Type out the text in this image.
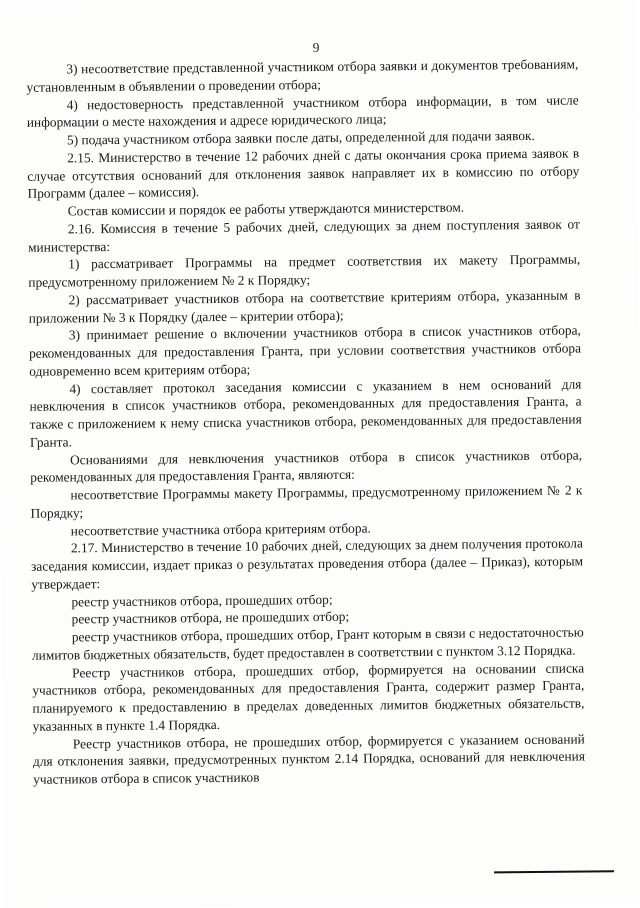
9

3) несоответствие представленной участником отбора заявки и документов требованиям, установленным в объявлении о проведении отбора;

4) недостоверность представленной участником отбора информации, в том числе информации о месте нахождения и адресе юридического лица;

5) подача участником отбора заявки после даты, определенной для подачи заявок.

2.15. Министерство в течение 12 рабочих дней с даты окончания срока приема заявок в случае отсутствия оснований для отклонения заявок направляет их в комиссию по отбору Программ (далее – комиссия).

Состав комиссии и порядок ее работы утверждаются министерством.

2.16. Комиссия в течение 5 рабочих дней, следующих за днем поступления заявок от министерства:

1) рассматривает Программы на предмет соответствия их макету Программы, предусмотренному приложением № 2 к Порядку;

2) рассматривает участников отбора на соответствие критериям отбора, указанным в приложении № 3 к Порядку (далее – критерии отбора);

3) принимает решение о включении участников отбора в список участников отбора, рекомендованных для предоставления Гранта, при условии соответствия участников отбора одновременно всем критериям отбора;

4) составляет протокол заседания комиссии с указанием в нем оснований для невключения в список участников отбора, рекомендованных для предоставления Гранта, а также с приложением к нему списка участников отбора, рекомендованных для предоставления Гранта.

Основаниями для невключения участников отбора в список участников отбора, рекомендованных для предоставления Гранта, являются:

несоответствие Программы макету Программы, предусмотренному приложением № 2 к Порядку;

несоответствие участника отбора критериям отбора.

2.17. Министерство в течение 10 рабочих дней, следующих за днем получения протокола заседания комиссии, издает приказ о результатах проведения отбора (далее – Приказ), которым утверждает:

реестр участников отбора, прошедших отбор;

реестр участников отбора, не прошедших отбор;

реестр участников отбора, прошедших отбор, Грант которым в связи с недостаточностью лимитов бюджетных обязательств, будет предоставлен в соответствии с пунктом 3.12 Порядка.

Реестр участников отбора, прошедших отбор, формируется на основании списка участников отбора, рекомендованных для предоставления Гранта, содержит размер Гранта, планируемого к предоставлению в пределах доведенных лимитов бюджетных обязательств, указанных в пункте 1.4 Порядка.

Реестр участников отбора, не прошедших отбор, формируется с указанием оснований для отклонения заявки, предусмотренных пунктом 2.14 Порядка, оснований для невключения участников отбора в список участников
